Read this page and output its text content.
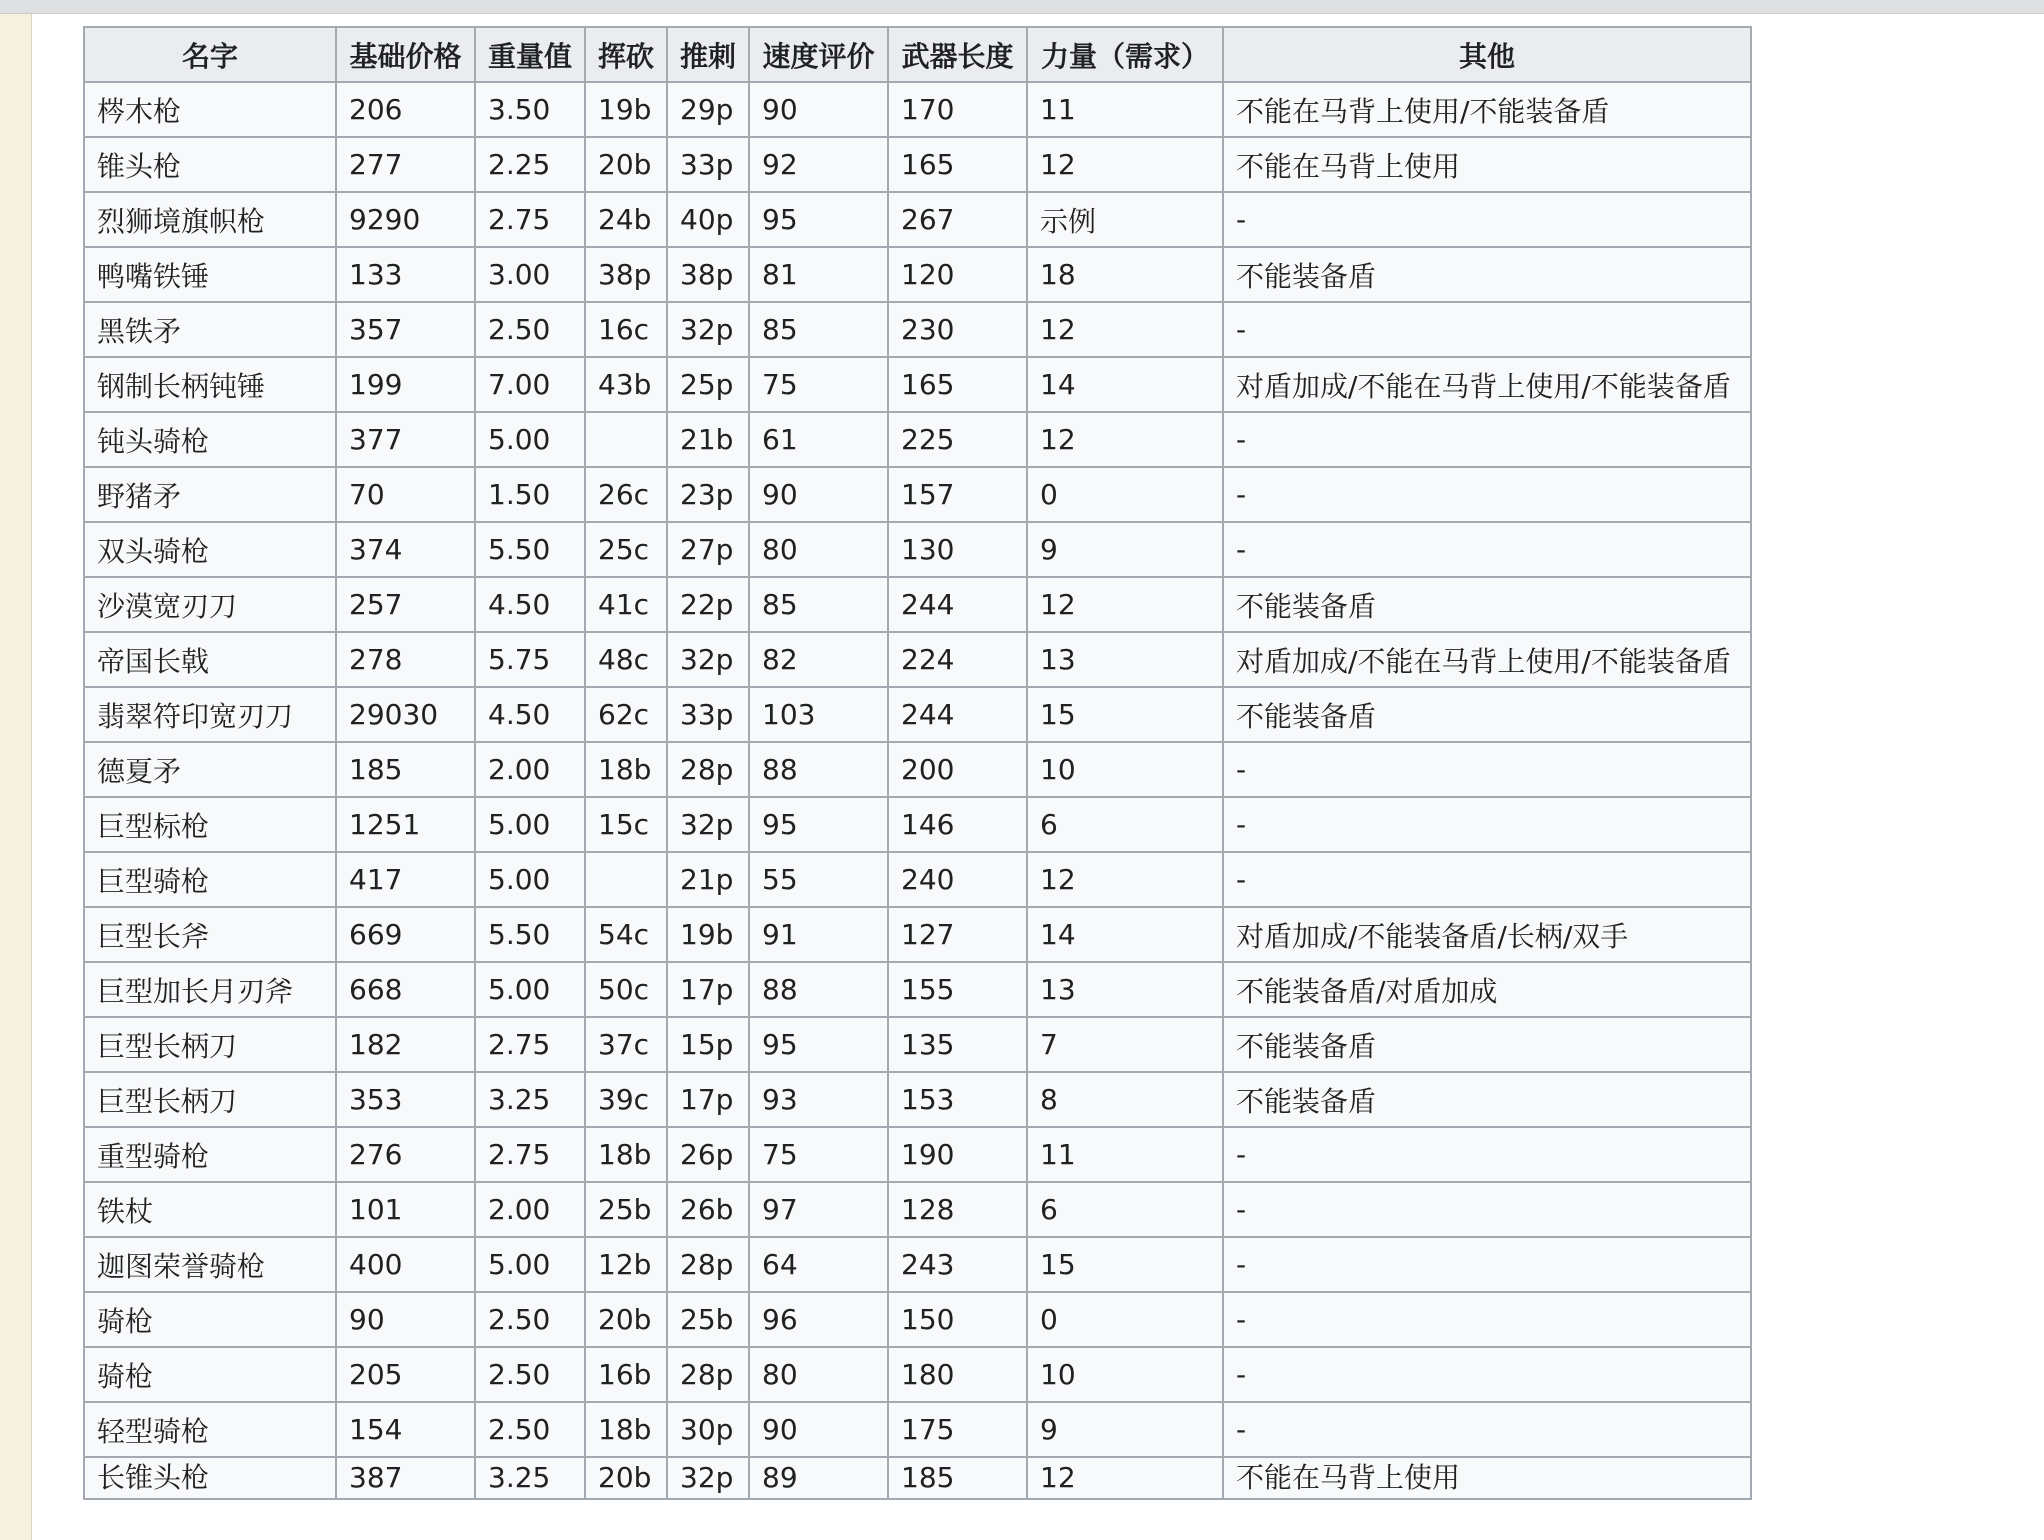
名字	基础价格	重量值	挥砍	推刺	速度评价	武器长度	力量（需求）	其他
梣木枪	206	3.50	19b	29p	90	170	11	不能在马背上使用/不能装备盾
锥头枪	277	2.25	20b	33p	92	165	12	不能在马背上使用
烈狮境旗帜枪	9290	2.75	24b	40p	95	267	示例	-
鸭嘴铁锤	133	3.00	38p	38p	81	120	18	不能装备盾
黑铁矛	357	2.50	16c	32p	85	230	12	-
钢制长柄钝锤	199	7.00	43b	25p	75	165	14	对盾加成/不能在马背上使用/不能装备盾
钝头骑枪	377	5.00		21b	61	225	12	-
野猪矛	70	1.50	26c	23p	90	157	0	-
双头骑枪	374	5.50	25c	27p	80	130	9	-
沙漠宽刃刀	257	4.50	41c	22p	85	244	12	不能装备盾
帝国长戟	278	5.75	48c	32p	82	224	13	对盾加成/不能在马背上使用/不能装备盾
翡翠符印宽刃刀	29030	4.50	62c	33p	103	244	15	不能装备盾
德夏矛	185	2.00	18b	28p	88	200	10	-
巨型标枪	1251	5.00	15c	32p	95	146	6	-
巨型骑枪	417	5.00		21p	55	240	12	-
巨型长斧	669	5.50	54c	19b	91	127	14	对盾加成/不能装备盾/长柄/双手
巨型加长月刃斧	668	5.00	50c	17p	88	155	13	不能装备盾/对盾加成
巨型长柄刀	182	2.75	37c	15p	95	135	7	不能装备盾
巨型长柄刀	353	3.25	39c	17p	93	153	8	不能装备盾
重型骑枪	276	2.75	18b	26p	75	190	11	-
铁杖	101	2.00	25b	26b	97	128	6	-
迦图荣誉骑枪	400	5.00	12b	28p	64	243	15	-
骑枪	90	2.50	20b	25b	96	150	0	-
骑枪	205	2.50	16b	28p	80	180	10	-
轻型骑枪	154	2.50	18b	30p	90	175	9	-
长锥头枪	387	3.25	20b	32p	89	185	12	不能在马背上使用
